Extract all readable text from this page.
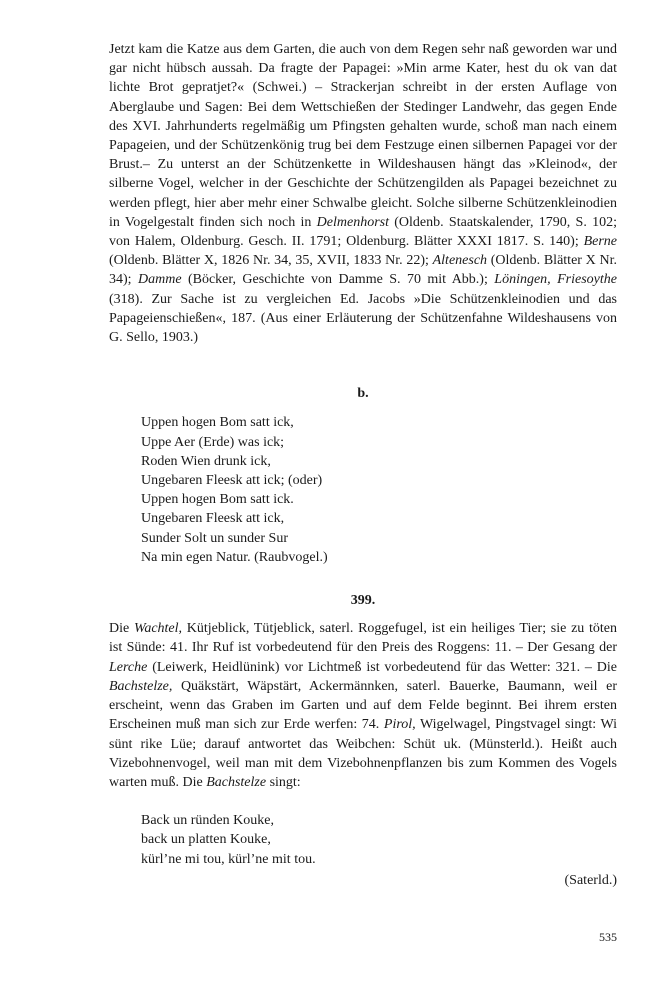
Jetzt kam die Katze aus dem Garten, die auch von dem Regen sehr naß geworden war und gar nicht hübsch aussah. Da fragte der Papagei: »Min arme Kater, hest du ok van dat lichte Brot gepratjet?« (Schwei.) – Strackerjan schreibt in der ersten Auflage von Aberglaube und Sagen: Bei dem Wettschießen der Stedinger Landwehr, das gegen Ende des XVI. Jahrhunderts regelmäßig um Pfingsten gehalten wurde, schoß man nach einem Papageien, und der Schützenkönig trug bei dem Festzuge einen silbernen Papagei vor der Brust.– Zu unterst an der Schützenkette in Wildeshausen hängt das »Kleinod«, der silberne Vogel, welcher in der Geschichte der Schützengilden als Papagei bezeichnet zu werden pflegt, hier aber mehr einer Schwalbe gleicht. Solche silberne Schützenkleinodien in Vogelgestalt finden sich noch in Delmenhorst (Oldenb. Staatskalender, 1790, S. 102; von Halem, Oldenburg. Gesch. II. 1791; Oldenburg. Blätter XXXI 1817. S. 140); Berne (Oldenb. Blätter X, 1826 Nr. 34, 35, XVII, 1833 Nr. 22); Altenesch (Oldenb. Blätter X Nr. 34); Damme (Böcker, Geschichte von Damme S. 70 mit Abb.); Löningen, Friesoythe (318). Zur Sache ist zu vergleichen Ed. Jacobs »Die Schützenkleinodien und das Papageienschießen«, 187. (Aus einer Erläuterung der Schützenfahne Wildeshausens von G. Sello, 1903.)

b.
Uppen hogen Bom satt ick,
Uppe Aer (Erde) was ick;
Roden Wien drunk ick,
Ungebaren Fleesk att ick; (oder)
Uppen hogen Bom satt ick.
Ungebaren Fleesk att ick,
Sunder Solt un sunder Sur
Na min egen Natur. (Raubvogel.)
399.

Die Wachtel, Kütjeblick, Tütjeblick, saterl. Roggefugel, ist ein heiliges Tier; sie zu töten ist Sünde: 41. Ihr Ruf ist vorbedeutend für den Preis des Roggens: 11. – Der Gesang der Lerche (Leiwerk, Heidlünink) vor Lichtmeß ist vorbedeutend für das Wetter: 321. – Die Bachstelze, Quäkstärt, Wäpstärt, Ackermännken, saterl. Bauerke, Baumann, weil er erscheint, wenn das Graben im Garten und auf dem Felde beginnt. Bei ihrem ersten Erscheinen muß man sich zur Erde werfen: 74. Pirol, Wigelwagel, Pingstvagel singt: Wi sünt rike Lüe; darauf antwortet das Weibchen: Schüt uk. (Münsterld.). Heißt auch Vizebohnenvogel, weil man mit dem Vizebohnenpflanzen bis zum Kommen des Vogels warten muß. Die Bachstelze singt:

Back un ründen Kouke,
back un platten Kouke,
kürl’ne mi tou, kürl’ne mit tou.
(Saterld.)
535
